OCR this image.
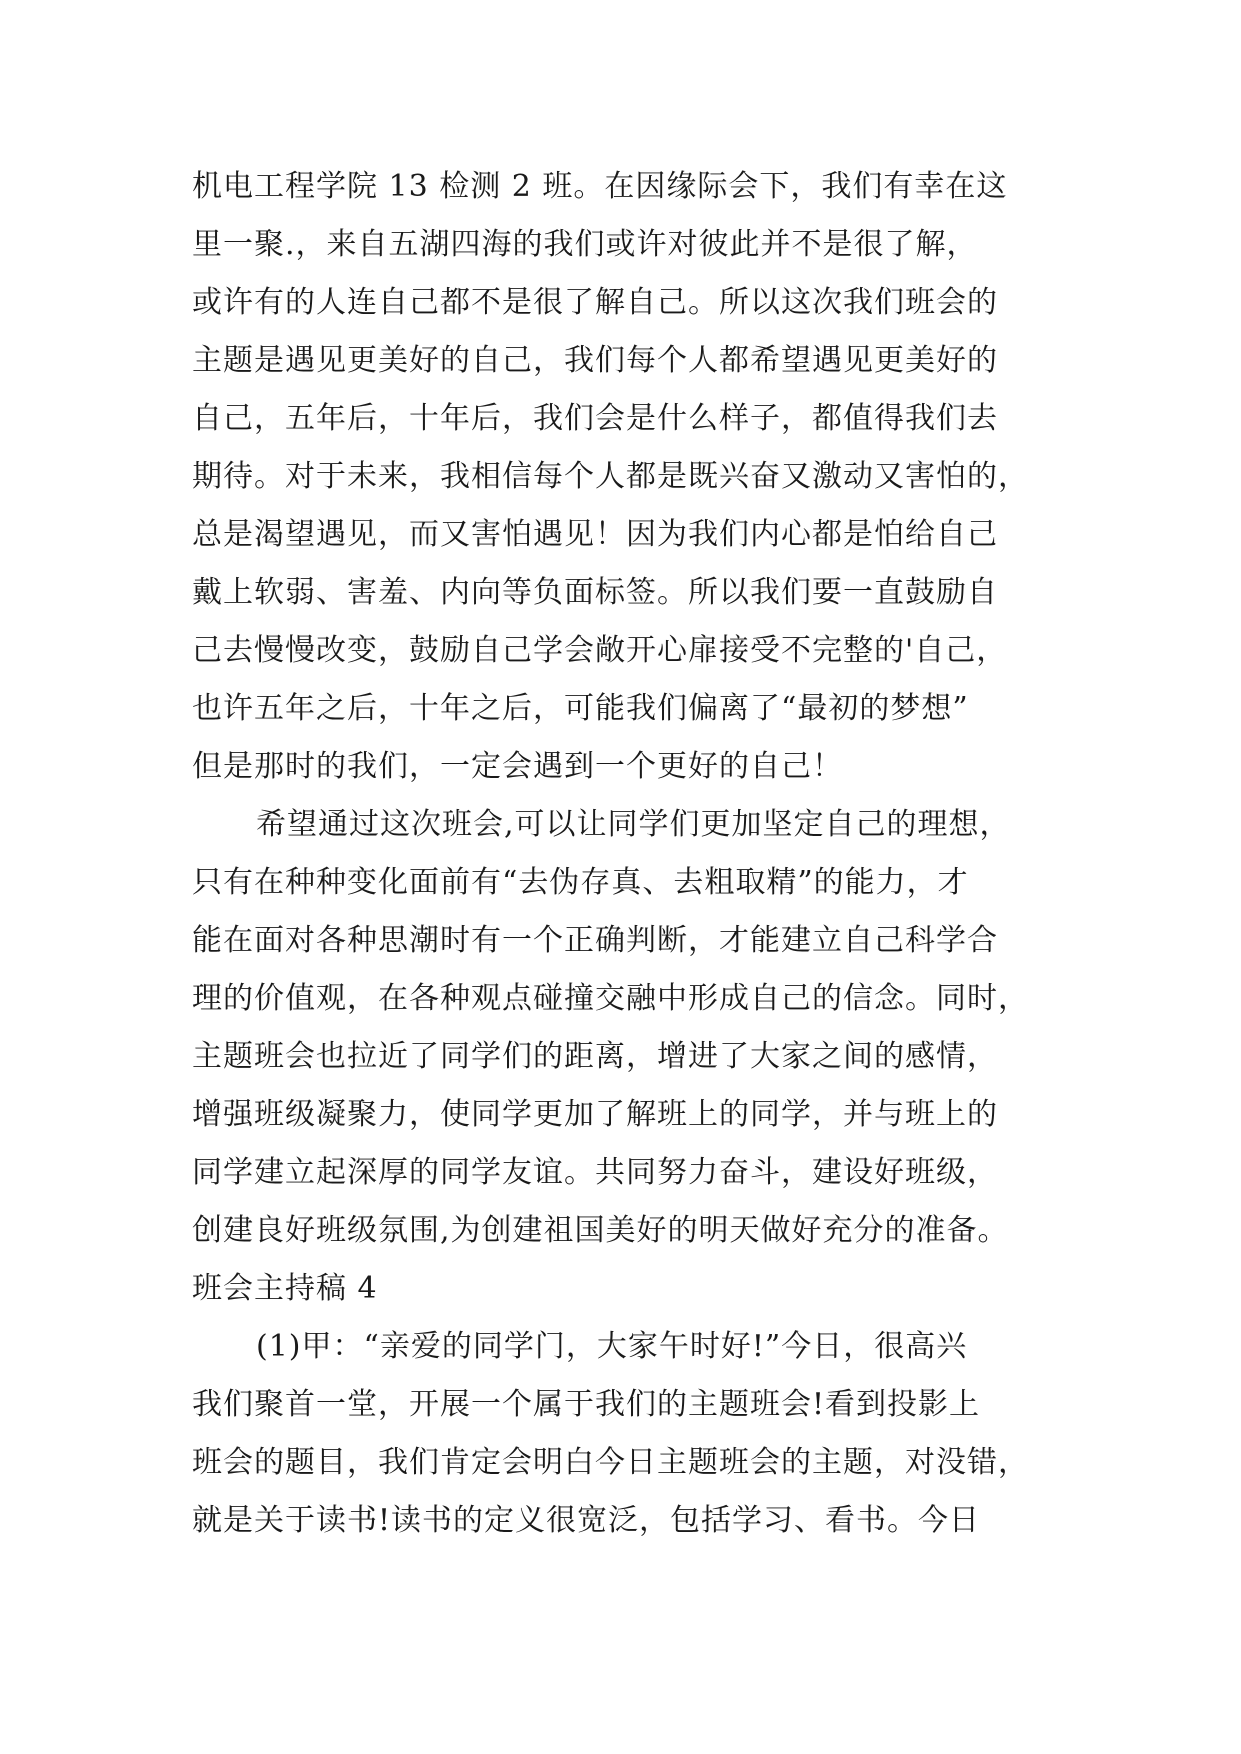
机电工程学院 13 检测 2 班。在因缘际会下，我们有幸在这
里一聚.，来自五湖四海的我们或许对彼此并不是很了解，
或许有的人连自己都不是很了解自己。所以这次我们班会的
主题是遇见更美好的自己，我们每个人都希望遇见更美好的
自己，五年后，十年后，我们会是什么样子，都值得我们去
期待。对于未来，我相信每个人都是既兴奋又激动又害怕的，
总是渴望遇见，而又害怕遇见！因为我们内心都是怕给自己
戴上软弱、害羞、内向等负面标签。所以我们要一直鼓励自
己去慢慢改变，鼓励自己学会敞开心扉接受不完整的'自己，
也许五年之后，十年之后，可能我们偏离了“最初的梦想”
但是那时的我们，一定会遇到一个更好的自己！
希望通过这次班会,可以让同学们更加坚定自己的理想，
只有在种种变化面前有“去伪存真、去粗取精”的能力，才
能在面对各种思潮时有一个正确判断，才能建立自己科学合
理的价值观，在各种观点碰撞交融中形成自己的信念。同时，
主题班会也拉近了同学们的距离，增进了大家之间的感情，
增强班级凝聚力，使同学更加了解班上的同学，并与班上的
同学建立起深厚的同学友谊。共同努力奋斗，建设好班级，
创建良好班级氛围,为创建祖国美好的明天做好充分的准备。
班会主持稿 4
(1)甲：“亲爱的同学门，大家午时好!”今日，很高兴
我们聚首一堂，开展一个属于我们的主题班会!看到投影上
班会的题目，我们肯定会明白今日主题班会的主题，对没错，
就是关于读书!读书的定义很宽泛，包括学习、看书。今日
